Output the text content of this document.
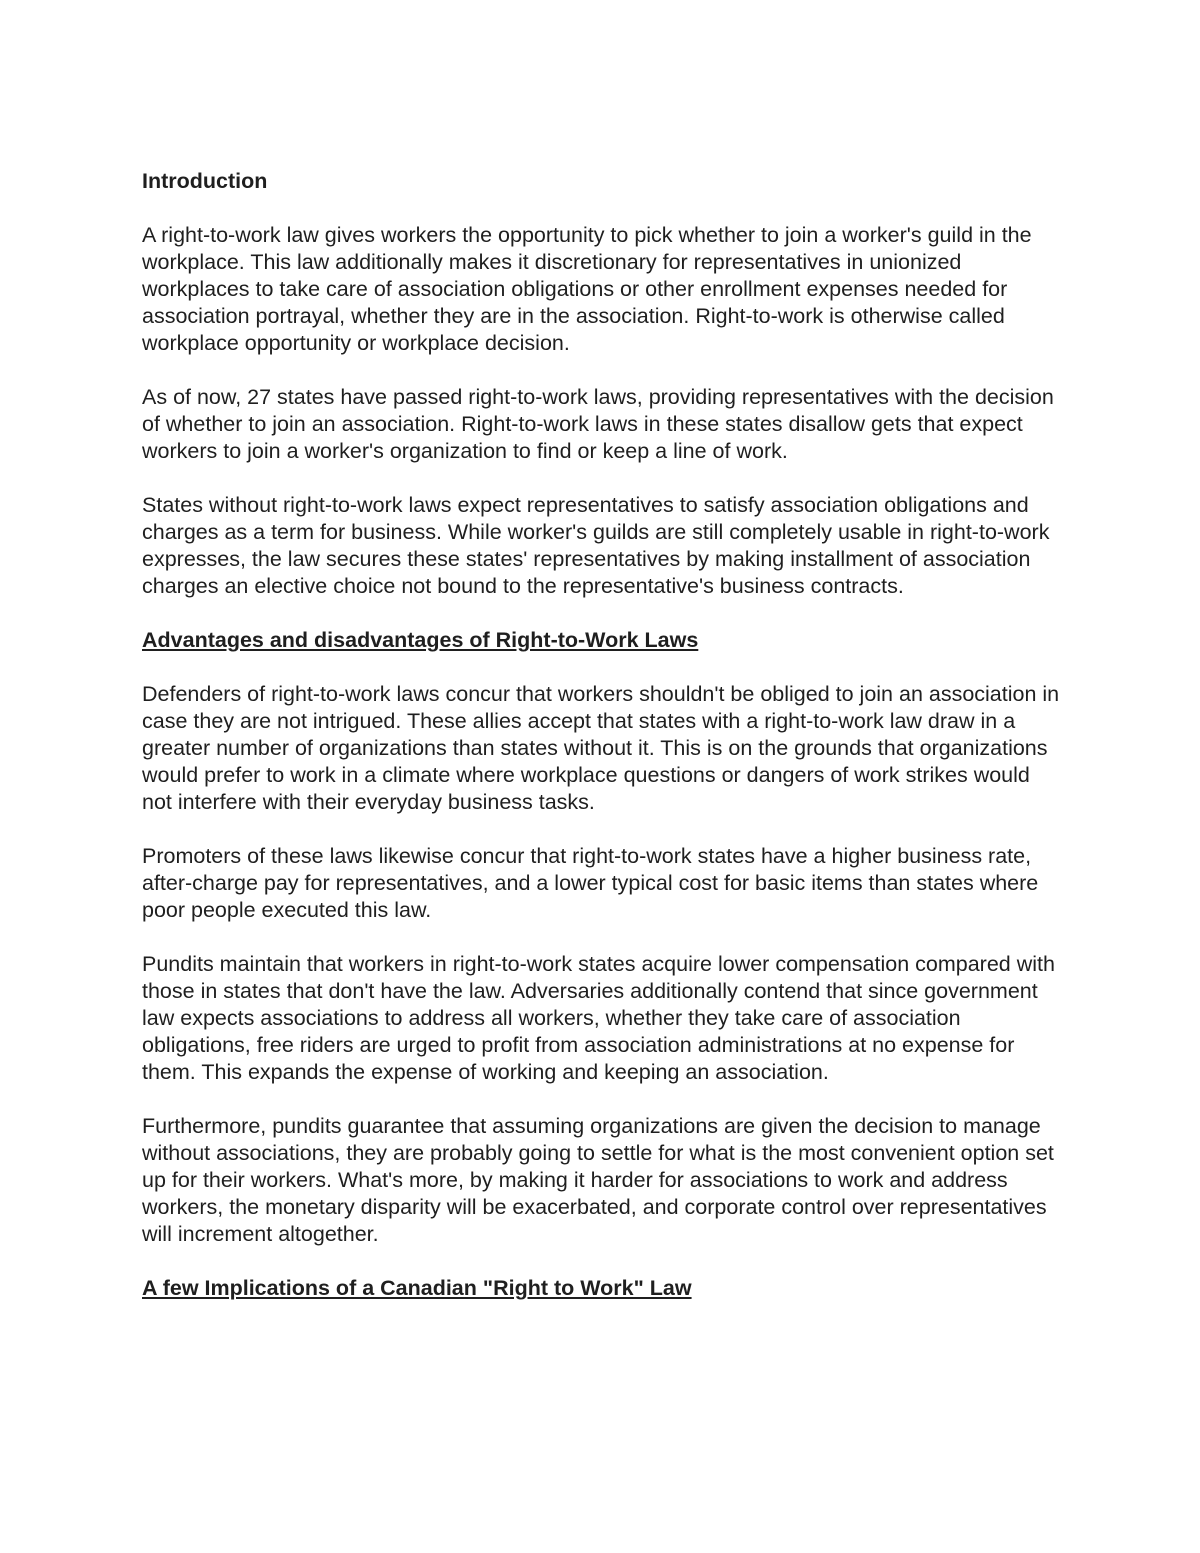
Introduction

A right-to-work law gives workers the opportunity to pick whether to join a worker's guild in the workplace. This law additionally makes it discretionary for representatives in unionized workplaces to take care of association obligations or other enrollment expenses needed for association portrayal, whether they are in the association. Right-to-work is otherwise called workplace opportunity or workplace decision.

As of now, 27 states have passed right-to-work laws, providing representatives with the decision of whether to join an association. Right-to-work laws in these states disallow gets that expect workers to join a worker's organization to find or keep a line of work.

States without right-to-work laws expect representatives to satisfy association obligations and charges as a term for business. While worker's guilds are still completely usable in right-to-work expresses, the law secures these states' representatives by making installment of association charges an elective choice not bound to the representative's business contracts.

Advantages and disadvantages of Right-to-Work Laws

Defenders of right-to-work laws concur that workers shouldn't be obliged to join an association in case they are not intrigued. These allies accept that states with a right-to-work law draw in a greater number of organizations than states without it. This is on the grounds that organizations would prefer to work in a climate where workplace questions or dangers of work strikes would not interfere with their everyday business tasks.

Promoters of these laws likewise concur that right-to-work states have a higher business rate, after-charge pay for representatives, and a lower typical cost for basic items than states where poor people executed this law.

Pundits maintain that workers in right-to-work states acquire lower compensation compared with those in states that don't have the law. Adversaries additionally contend that since government law expects associations to address all workers, whether they take care of association obligations, free riders are urged to profit from association administrations at no expense for them. This expands the expense of working and keeping an association.

Furthermore, pundits guarantee that assuming organizations are given the decision to manage without associations, they are probably going to settle for what is the most convenient option set up for their workers. What's more, by making it harder for associations to work and address workers, the monetary disparity will be exacerbated, and corporate control over representatives will increment altogether.

A few Implications of a Canadian "Right to Work" Law
